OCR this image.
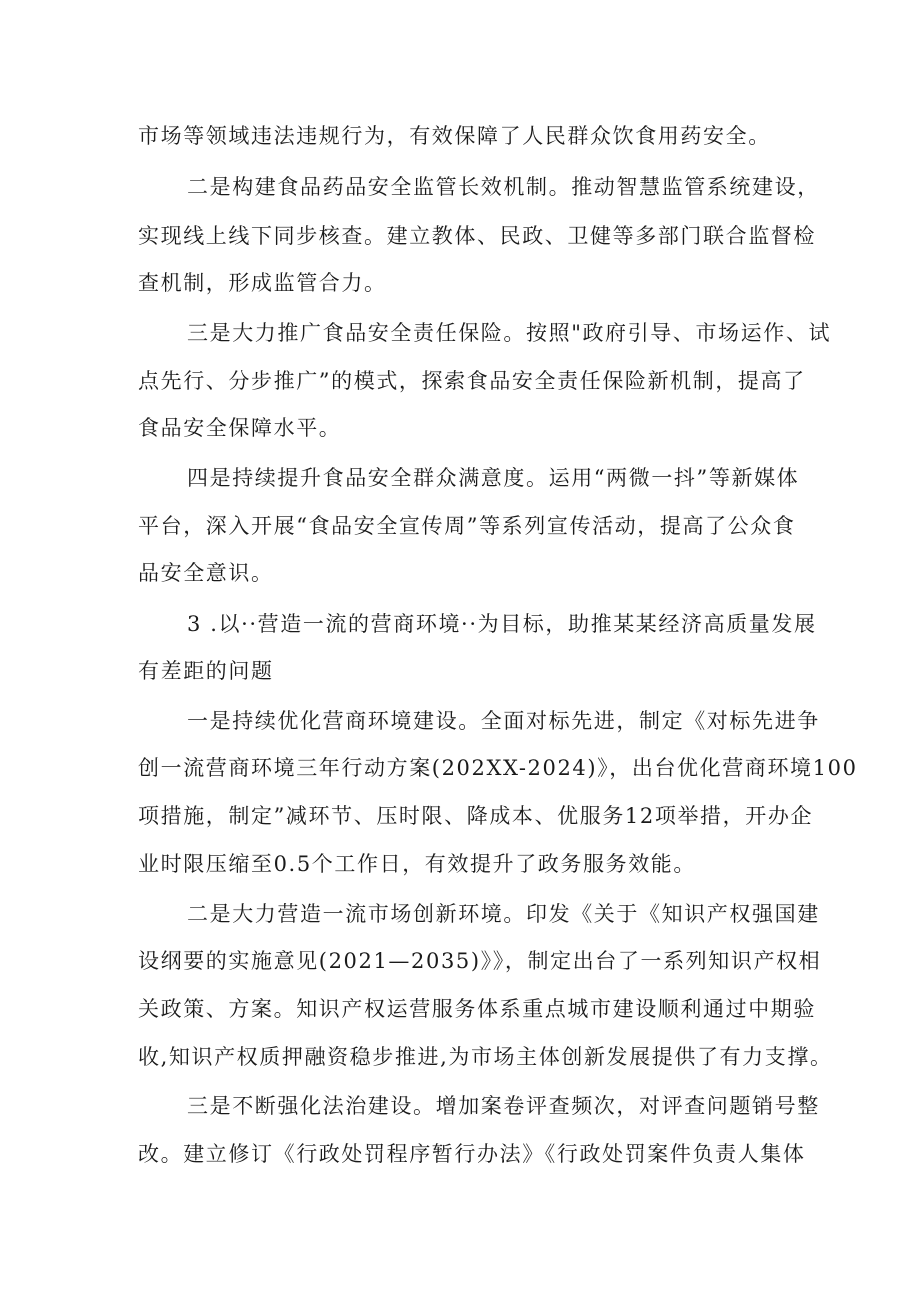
市场等领域违法违规行为，有效保障了人民群众饮食用药安全。
二是构建食品药品安全监管长效机制。推动智慧监管系统建设，
实现线上线下同步核查。建立教体、民政、卫健等多部门联合监督检
查机制，形成监管合力。
三是大力推广食品安全责任保险。按照"政府引导、市场运作、试
点先行、分步推广”的模式，探索食品安全责任保险新机制，提高了
食品安全保障水平。
四是持续提升食品安全群众满意度。运用“两微一抖”等新媒体
平台，深入开展“食品安全宣传周”等系列宣传活动，提高了公众食
品安全意识。
3 .以··营造一流的营商环境··为目标，助推某某经济高质量发展
有差距的问题
一是持续优化营商环境建设。全面对标先进，制定《对标先进争
创一流营商环境三年行动方案(202XX-2024)》，出台优化营商环境100
项措施，制定”减环节、压时限、降成本、优服务12项举措，开办企
业时限压缩至0.5个工作日，有效提升了政务服务效能。
二是大力营造一流市场创新环境。印发《关于《知识产权强国建
设纲要的实施意见(2021—2035)》》，制定出台了一系列知识产权相
关政策、方案。知识产权运营服务体系重点城市建设顺利通过中期验
收,知识产权质押融资稳步推进,为市场主体创新发展提供了有力支撑。
三是不断强化法治建设。增加案卷评查频次，对评查问题销号整
改。建立修订《行政处罚程序暂行办法》《行政处罚案件负责人集体
